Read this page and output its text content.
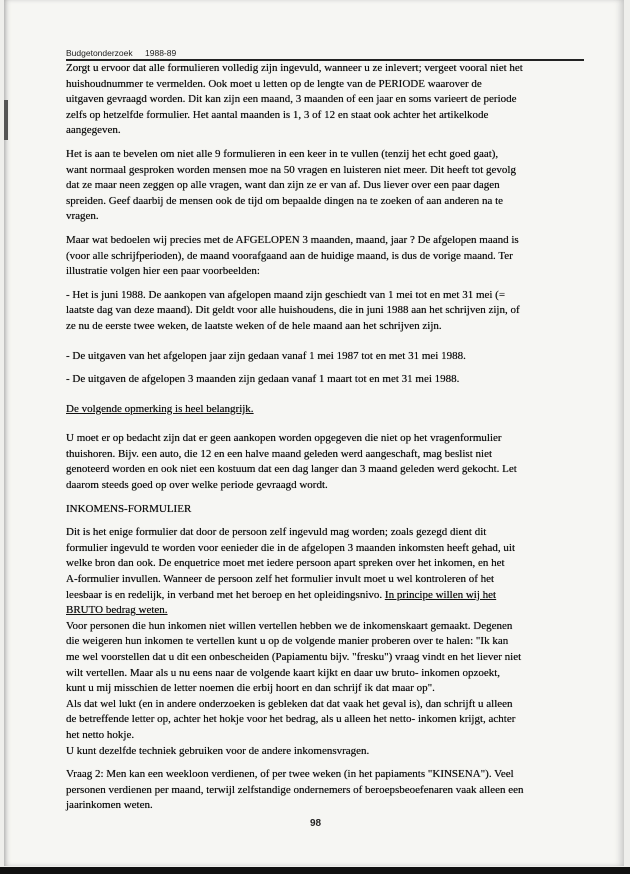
Budgetonderzoek 1988-89
Zorgt u ervoor dat alle formulieren volledig zijn ingevuld, wanneer u ze inlevert; vergeet vooral niet het
huishoudnummer te vermelden. Ook moet u letten op de lengte van de PERIODE waarover de
uitgaven gevraagd worden. Dit kan zijn een maand, 3 maanden of een jaar en soms varieert de periode
zelfs op hetzelfde formulier. Het aantal maanden is 1, 3 of 12 en staat ook achter het artikelkode
aangegeven.
Het is aan te bevelen om niet alle 9 formulieren in een keer in te vullen (tenzij het echt goed gaat),
want normaal gesproken worden mensen moe na 50 vragen en luisteren niet meer. Dit heeft tot gevolg
dat ze maar neen zeggen op alle vragen, want dan zijn ze er van af. Dus liever over een paar dagen
spreiden. Geef daarbij de mensen ook de tijd om bepaalde dingen na te zoeken of aan anderen na te
vragen.
Maar wat bedoelen wij precies met de AFGELOPEN 3 maanden, maand, jaar ? De afgelopen maand is
(voor alle schrijfperioden), de maand voorafgaand aan de huidige maand, is dus de vorige maand. Ter
illustratie volgen hier een paar voorbeelden:
- Het is juni 1988. De aankopen van afgelopen maand zijn geschiedt van 1 mei tot en met 31 mei (=
laatste dag van deze maand). Dit geldt voor alle huishoudens, die in juni 1988 aan het schrijven zijn, of
ze nu de eerste twee weken, de laatste weken of de hele maand aan het schrijven zijn.
- De uitgaven van het afgelopen jaar zijn gedaan vanaf 1 mei 1987 tot en met 31 mei 1988.
- De uitgaven de afgelopen 3 maanden zijn gedaan vanaf 1 maart tot en met 31 mei 1988.
De volgende opmerking is heel belangrijk.
U moet er op bedacht zijn dat er geen aankopen worden opgegeven die niet op het vragenformulier
thuishoren. Bijv. een auto, die 12 en een halve maand geleden werd aangeschaft, mag beslist niet
genoteerd worden en ook niet een kostuum dat een dag langer dan 3 maand geleden werd gekocht. Let
daarom steeds goed op over welke periode gevraagd wordt.
INKOMENS-FORMULIER
Dit is het enige formulier dat door de persoon zelf ingevuld mag worden; zoals gezegd dient dit
formulier ingevuld te worden voor eenieder die in de afgelopen 3 maanden inkomsten heeft gehad, uit
welke bron dan ook. De enquetrice moet met iedere persoon apart spreken over het inkomen, en het
A-formulier invullen. Wanneer de persoon zelf het formulier invult moet u wel kontroleren of het
leesbaar is en redelijk, in verband met het beroep en het opleidingsnivo. In principe willen wij het
BRUTO bedrag weten.
Voor personen die hun inkomen niet willen vertellen hebben we de inkomenskaart gemaakt. Degenen
die weigeren hun inkomen te vertellen kunt u op de volgende manier proberen over te halen: "Ik kan
me wel voorstellen dat u dit een onbescheiden (Papiamentu bijv. "fresku") vraag vindt en het liever niet
wilt vertellen. Maar als u nu eens naar de volgende kaart kijkt en daar uw bruto- inkomen opzoekt,
kunt u mij misschien de letter noemen die erbij hoort en dan schrijf ik dat maar op".
Als dat wel lukt (en in andere onderzoeken is gebleken dat dat vaak het geval is), dan schrijft u alleen
de betreffende letter op, achter het hokje voor het bedrag, als u alleen het netto- inkomen krijgt, achter
het netto hokje.
U kunt dezelfde techniek gebruiken voor de andere inkomensvragen.
Vraag 2: Men kan een weekloon verdienen, of per twee weken (in het papiaments "KINSENA"). Veel
personen verdienen per maand, terwijl zelfstandige ondernemers of beroepsbeoefenaren vaak alleen een
jaarinkomen weten.
98
